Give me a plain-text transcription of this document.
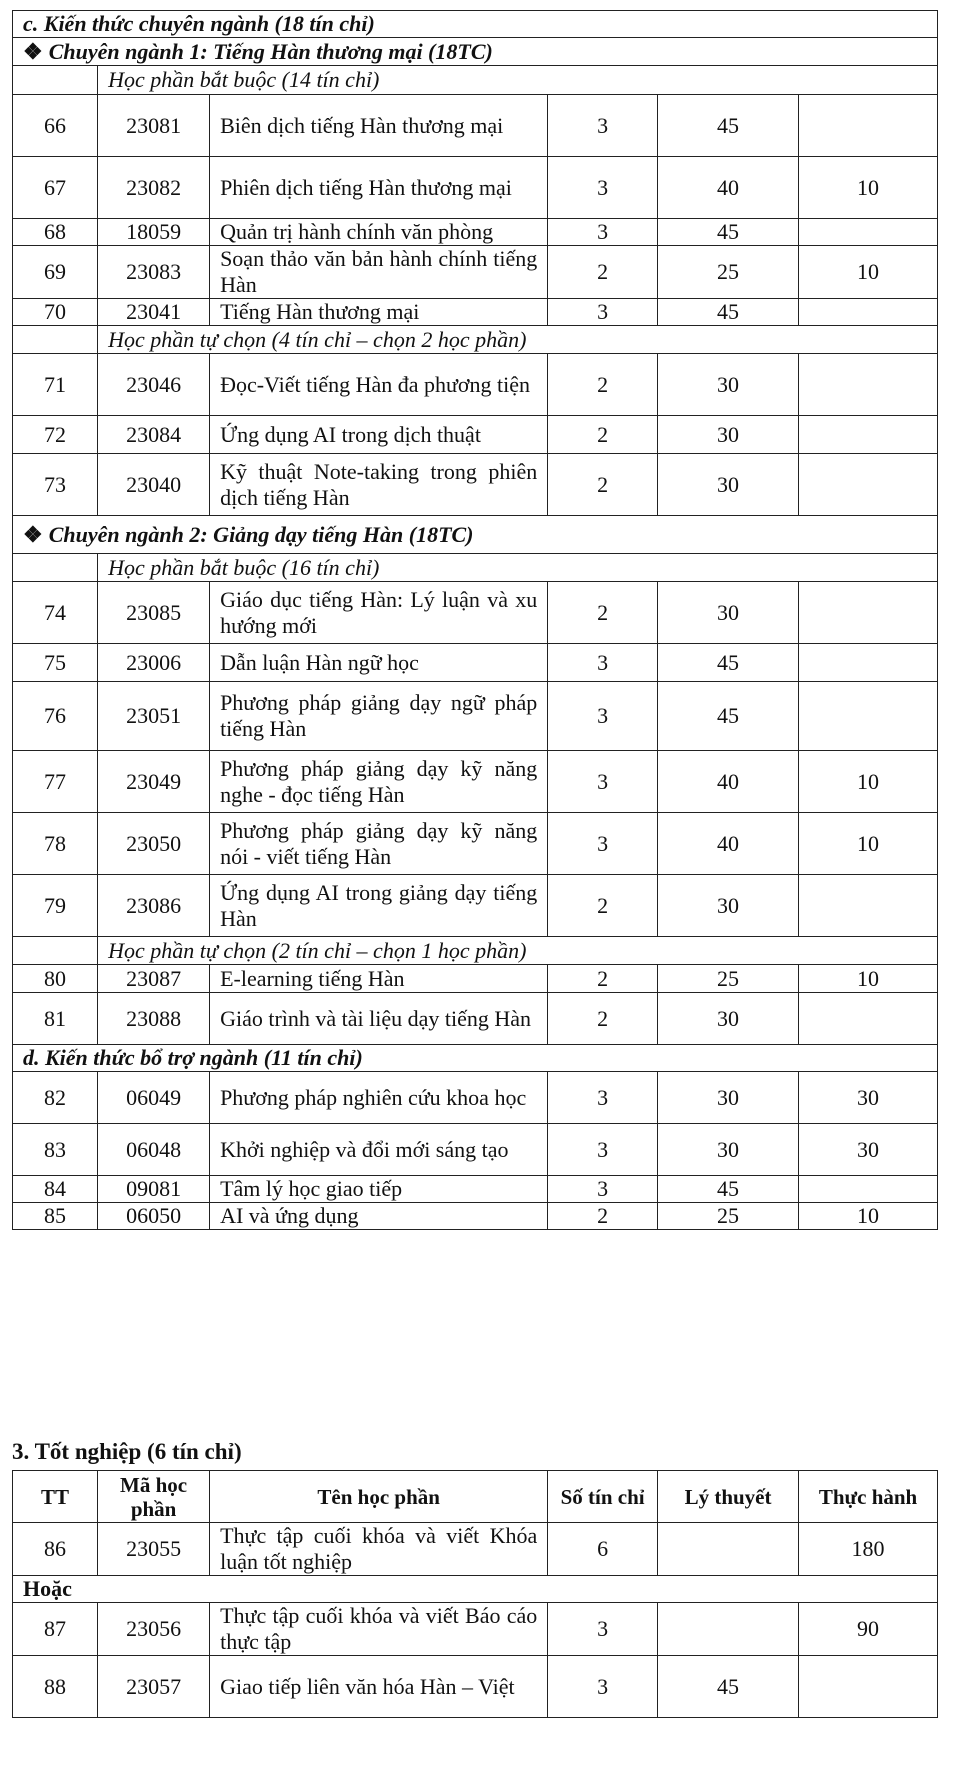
c. Kiến thức chuyên ngành (18 tín chỉ)					
❖ Chuyên ngành 1: Tiếng Hàn thương mại (18TC)					
	Học phần bắt buộc (14 tín chỉ)				
66	23081	Biên dịch tiếng Hàn thương mại	3	45	
67	23082	Phiên dịch tiếng Hàn thương mại	3	40	10
68	18059	Quản trị hành chính văn phòng	3	45	
69	23083	Soạn thảo văn bản hành chính tiếng Hàn	2	25	10
70	23041	Tiếng Hàn thương mại	3	45	
	Học phần tự chọn (4 tín chỉ – chọn 2 học phần)				
71	23046	Đọc-Viết tiếng Hàn đa phương tiện	2	30	
72	23084	Ứng dụng AI trong dịch thuật	2	30	
73	23040	Kỹ thuật Note-taking trong phiên dịch tiếng Hàn	2	30	
❖ Chuyên ngành 2: Giảng dạy tiếng Hàn (18TC)					
	Học phần bắt buộc (16 tín chỉ)				
74	23085	Giáo dục tiếng Hàn: Lý luận và xu hướng mới	2	30	
75	23006	Dẫn luận Hàn ngữ học	3	45	
76	23051	Phương pháp giảng dạy ngữ pháp tiếng Hàn	3	45	
77	23049	Phương pháp giảng dạy kỹ năng nghe - đọc tiếng Hàn	3	40	10
78	23050	Phương pháp giảng dạy kỹ năng nói - viết tiếng Hàn	3	40	10
79	23086	Ứng dụng AI trong giảng dạy tiếng Hàn	2	30	
	Học phần tự chọn (2 tín chỉ – chọn 1 học phần)				
80	23087	E-learning tiếng Hàn	2	25	10
81	23088	Giáo trình và tài liệu dạy tiếng Hàn	2	30	
d. Kiến thức bổ trợ ngành (11 tín chỉ)					
82	06049	Phương pháp nghiên cứu khoa học	3	30	30
83	06048	Khởi nghiệp và đổi mới sáng tạo	3	30	30
84	09081	Tâm lý học giao tiếp	3	45	
85	06050	AI và ứng dụng	2	25	10
3. Tốt nghiệp (6 tín chỉ)
TT	Mã học phần	Tên học phần	Số tín chỉ	Lý thuyết	Thực hành
86	23055	Thực tập cuối khóa và viết Khóa luận tốt nghiệp	6		180
Hoặc					
87	23056	Thực tập cuối khóa và viết Báo cáo thực tập	3		90
88	23057	Giao tiếp liên văn hóa Hàn – Việt	3	45	
